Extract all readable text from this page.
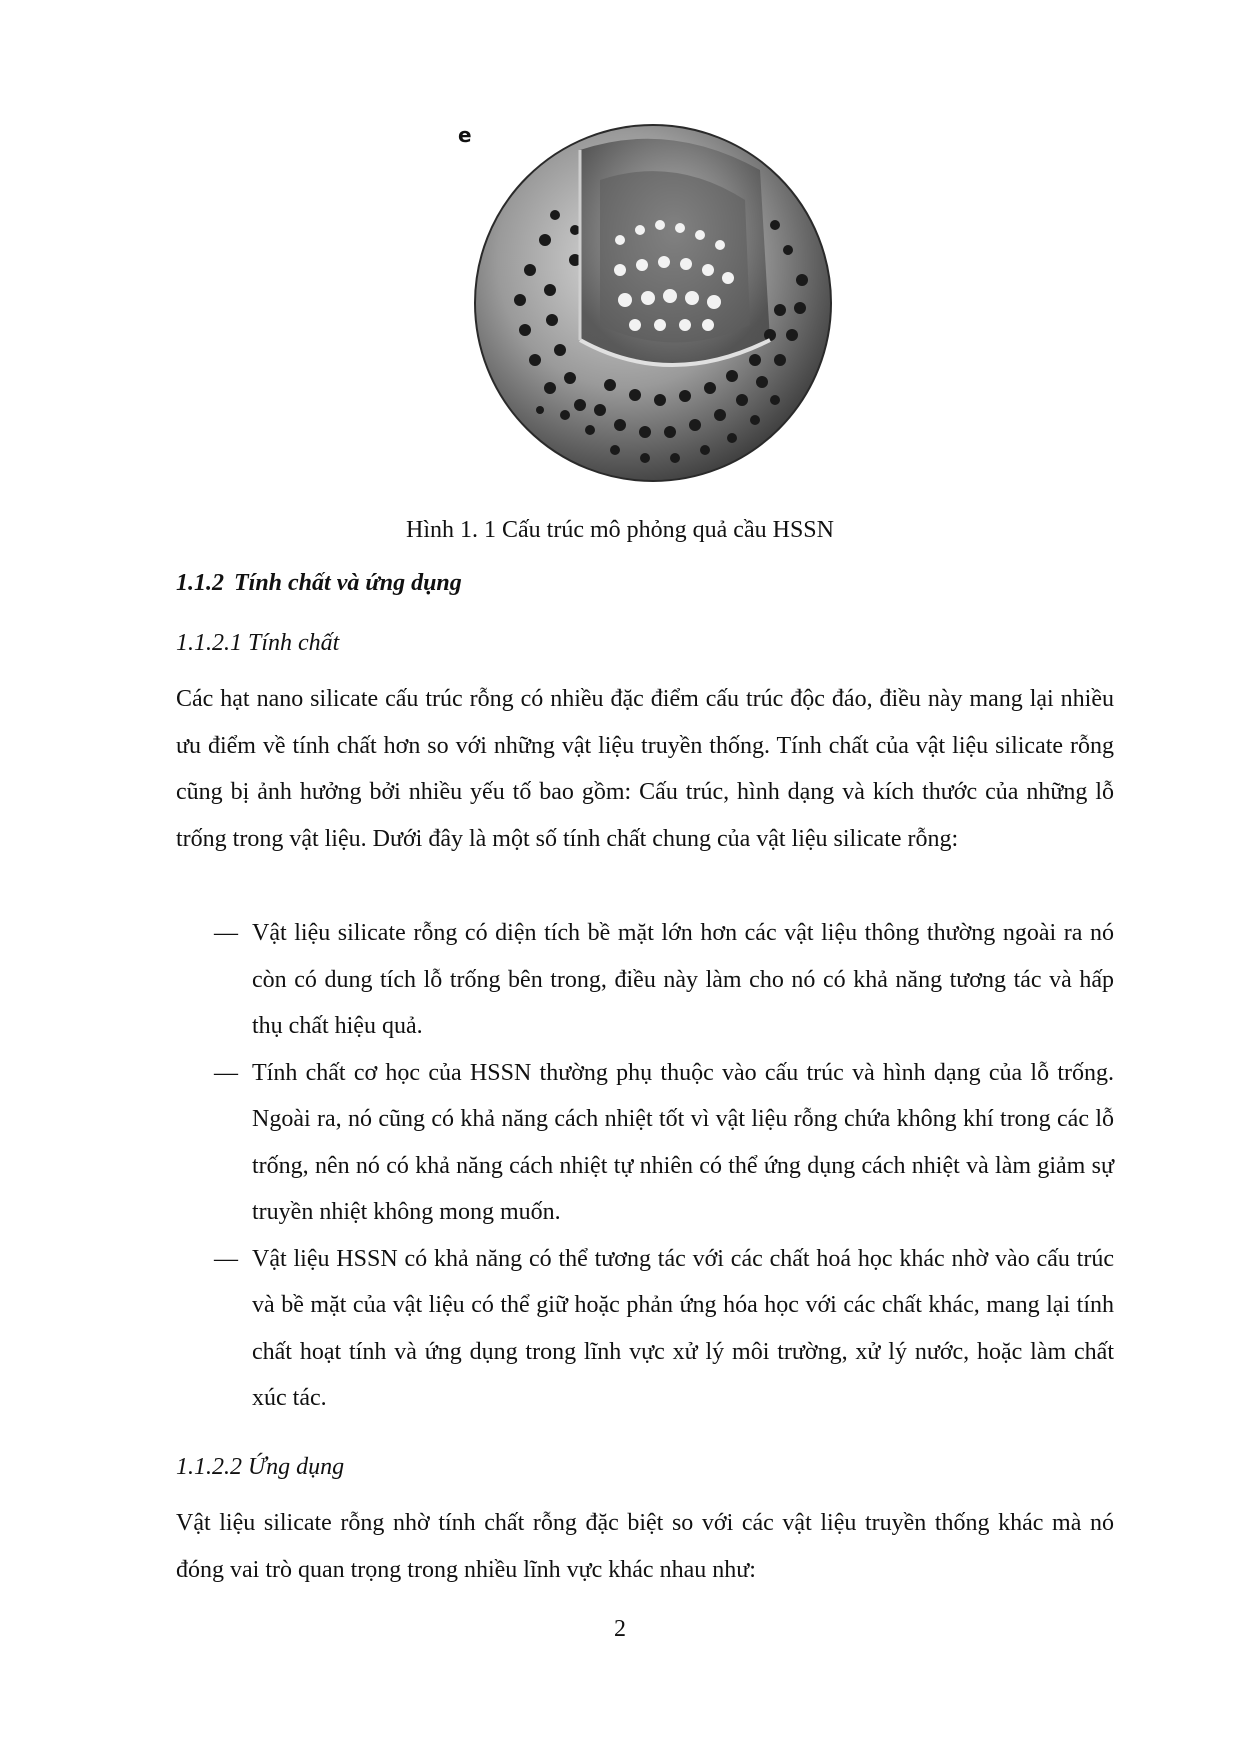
e
Hình 1. 1 Cấu trúc mô phỏng quả cầu HSSN
1.1.2 Tính chất và ứng dụng
1.1.2.1 Tính chất
Các hạt nano silicate cấu trúc rỗng có nhiều đặc điểm cấu trúc độc đáo, điều này mang lại nhiều ưu điểm về tính chất hơn so với những vật liệu truyền thống. Tính chất của vật liệu silicate rỗng cũng bị ảnh hưởng bởi nhiều yếu tố bao gồm: Cấu trúc, hình dạng và kích thước của những lỗ trống trong vật liệu. Dưới đây là một số tính chất chung của vật liệu silicate rỗng:
— Vật liệu silicate rỗng có diện tích bề mặt lớn hơn các vật liệu thông thường ngoài ra nó còn có dung tích lỗ trống bên trong, điều này làm cho nó có khả năng tương tác và hấp thụ chất hiệu quả.
— Tính chất cơ học của HSSN thường phụ thuộc vào cấu trúc và hình dạng của lỗ trống. Ngoài ra, nó cũng có khả năng cách nhiệt tốt vì vật liệu rỗng chứa không khí trong các lỗ trống, nên nó có khả năng cách nhiệt tự nhiên có thể ứng dụng cách nhiệt và làm giảm sự truyền nhiệt không mong muốn.
— Vật liệu HSSN có khả năng có thể tương tác với các chất hoá học khác nhờ vào cấu trúc và bề mặt của vật liệu có thể giữ hoặc phản ứng hóa học với các chất khác, mang lại tính chất hoạt tính và ứng dụng trong lĩnh vực xử lý môi trường, xử lý nước, hoặc làm chất xúc tác.
1.1.2.2 Ứng dụng
Vật liệu silicate rỗng nhờ tính chất rỗng đặc biệt so với các vật liệu truyền thống khác mà nó đóng vai trò quan trọng trong nhiều lĩnh vực khác nhau như:
2
